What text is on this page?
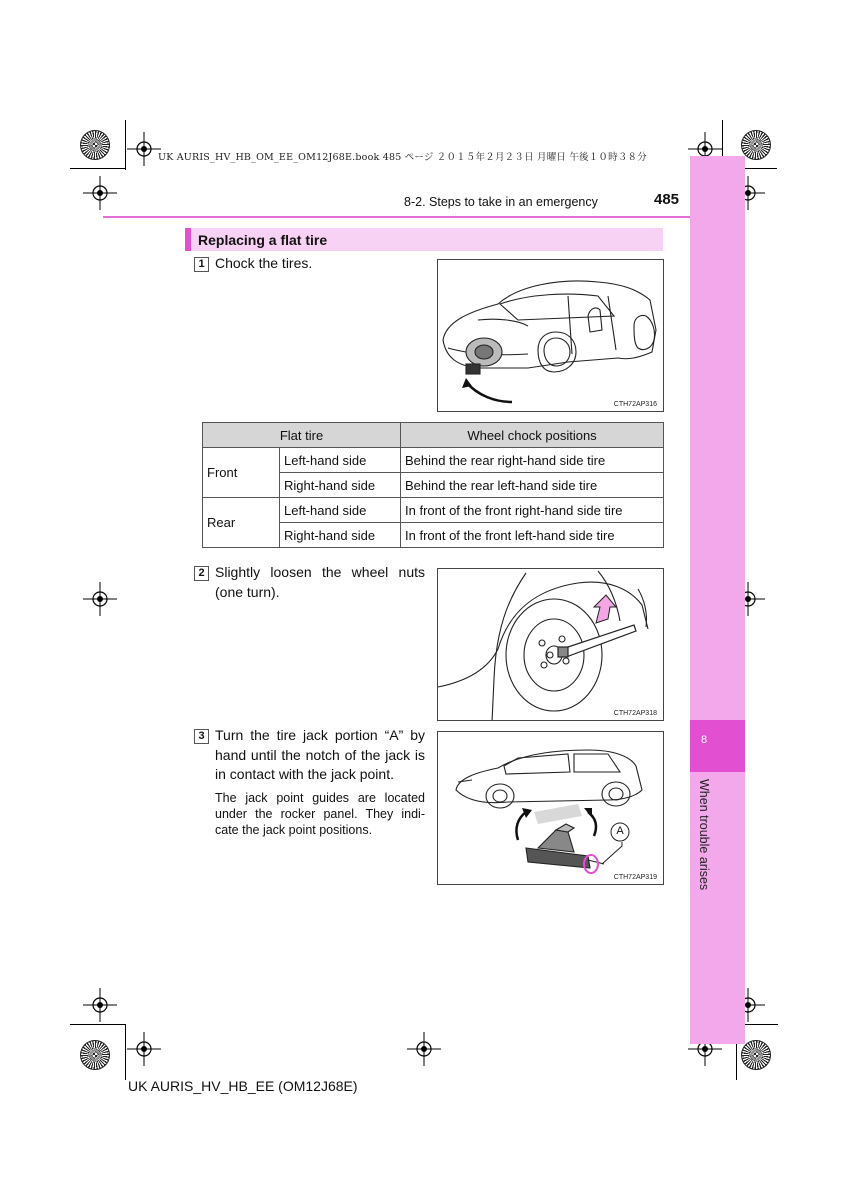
UK AURIS_HV_HB_OM_EE_OM12J68E.book 485 ページ ２０１５年２月２３日 月曜日 午後１０時３８分
8
When trouble arises
8-2. Steps to take in an emergency	485
Replacing a flat tire
1 Chock the tires.
CTH72AP316
Flat tire		Wheel chock positions
Front	Left-hand side	Behind the rear right-hand side tire
	Right-hand side	Behind the rear left-hand side tire
Rear	Left-hand side	In front of the front right-hand side tire
	Right-hand side	In front of the front left-hand side tire
2 Slightly loosen the wheel nuts (one turn).
CTH72AP318
3 Turn the tire jack portion “A” by hand until the notch of the jack is in contact with the jack point.
The jack point guides are located under the rocker panel. They indi-cate the jack point positions.	A
CTH72AP319
UK AURIS_HV_HB_EE (OM12J68E)
